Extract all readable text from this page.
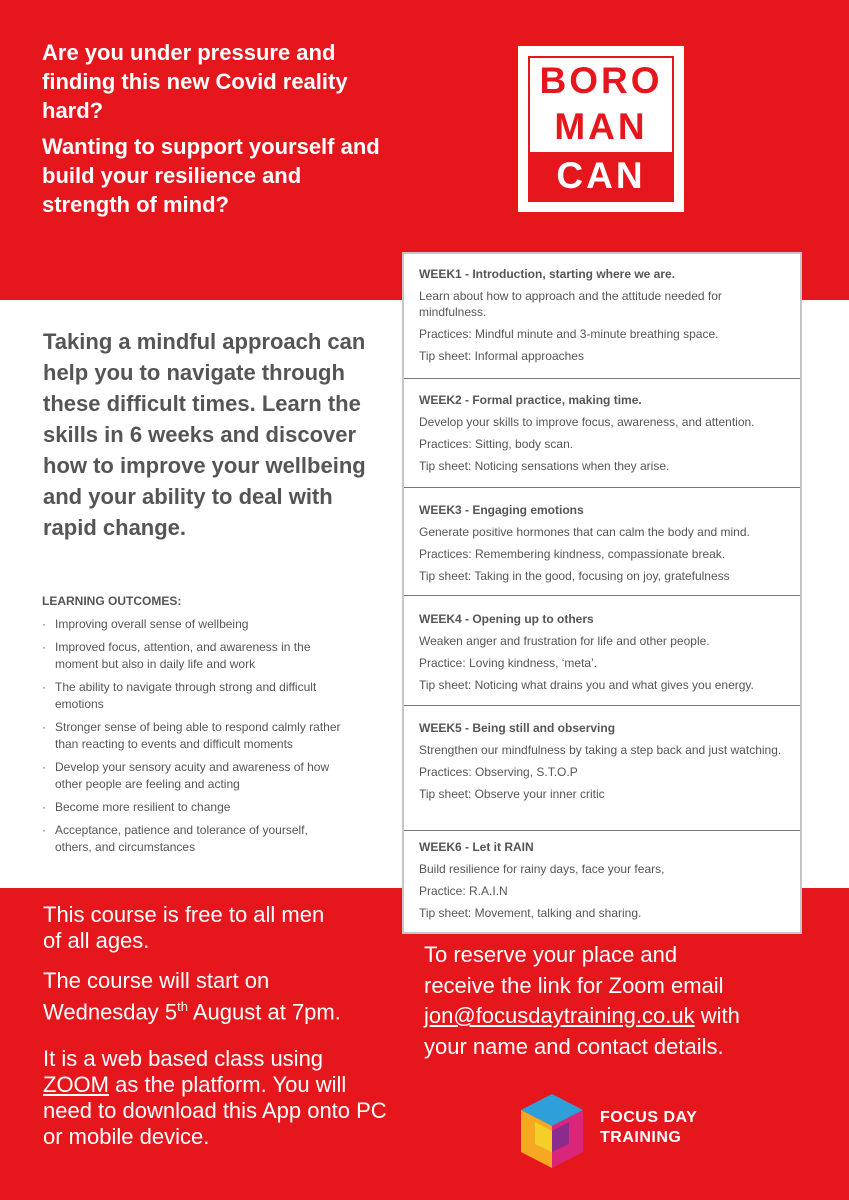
Are you under pressure and finding this new Covid reality hard?

Wanting to support yourself and build your resilience and strength of mind?

BORO
MAN
CAN

Taking a mindful approach can help you to navigate through these difficult times. Learn the skills in 6 weeks and discover how to improve your wellbeing and your ability to deal with rapid change.

LEARNING OUTCOMES:
· Improving overall sense of wellbeing
· Improved focus, attention, and awareness in the moment but also in daily life and work
· The ability to navigate through strong and difficult emotions
· Stronger sense of being able to respond calmly rather than reacting to events and difficult moments
· Develop your sensory acuity and awareness of how other people are feeling and acting
· Become more resilient to change
· Acceptance, patience and tolerance of yourself, others, and circumstances
WEEK1 - Introduction, starting where we are.
Learn about how to approach and the attitude needed for mindfulness.
Practices: Mindful minute and 3-minute breathing space.
Tip sheet: Informal approaches
WEEK2 - Formal practice, making time.
Develop your skills to improve focus, awareness, and attention.
Practices: Sitting, body scan.
Tip sheet: Noticing sensations when they arise.
WEEK3 - Engaging emotions
Generate positive hormones that can calm the body and mind.
Practices: Remembering kindness, compassionate break.
Tip sheet: Taking in the good, focusing on joy, gratefulness
WEEK4 - Opening up to others
Weaken anger and frustration for life and other people.
Practice: Loving kindness, ‘meta’.
Tip sheet: Noticing what drains you and what gives you energy.
WEEK5 - Being still and observing
Strengthen our mindfulness by taking a step back and just watching.
Practices: Observing, S.T.O.P
Tip sheet: Observe your inner critic
WEEK6 - Let it RAIN
Build resilience for rainy days, face your fears,
Practice: R.A.I.N
Tip sheet: Movement, talking and sharing.

This course is free to all men of all ages.

The course will start on Wednesday 5th August at 7pm.

It is a web based class using ZOOM as the platform. You will need to download this App onto PC or mobile device.

To reserve your place and receive the link for Zoom email jon@focusdaytraining.co.uk with your name and contact details.

FOCUS DAY
TRAINING
